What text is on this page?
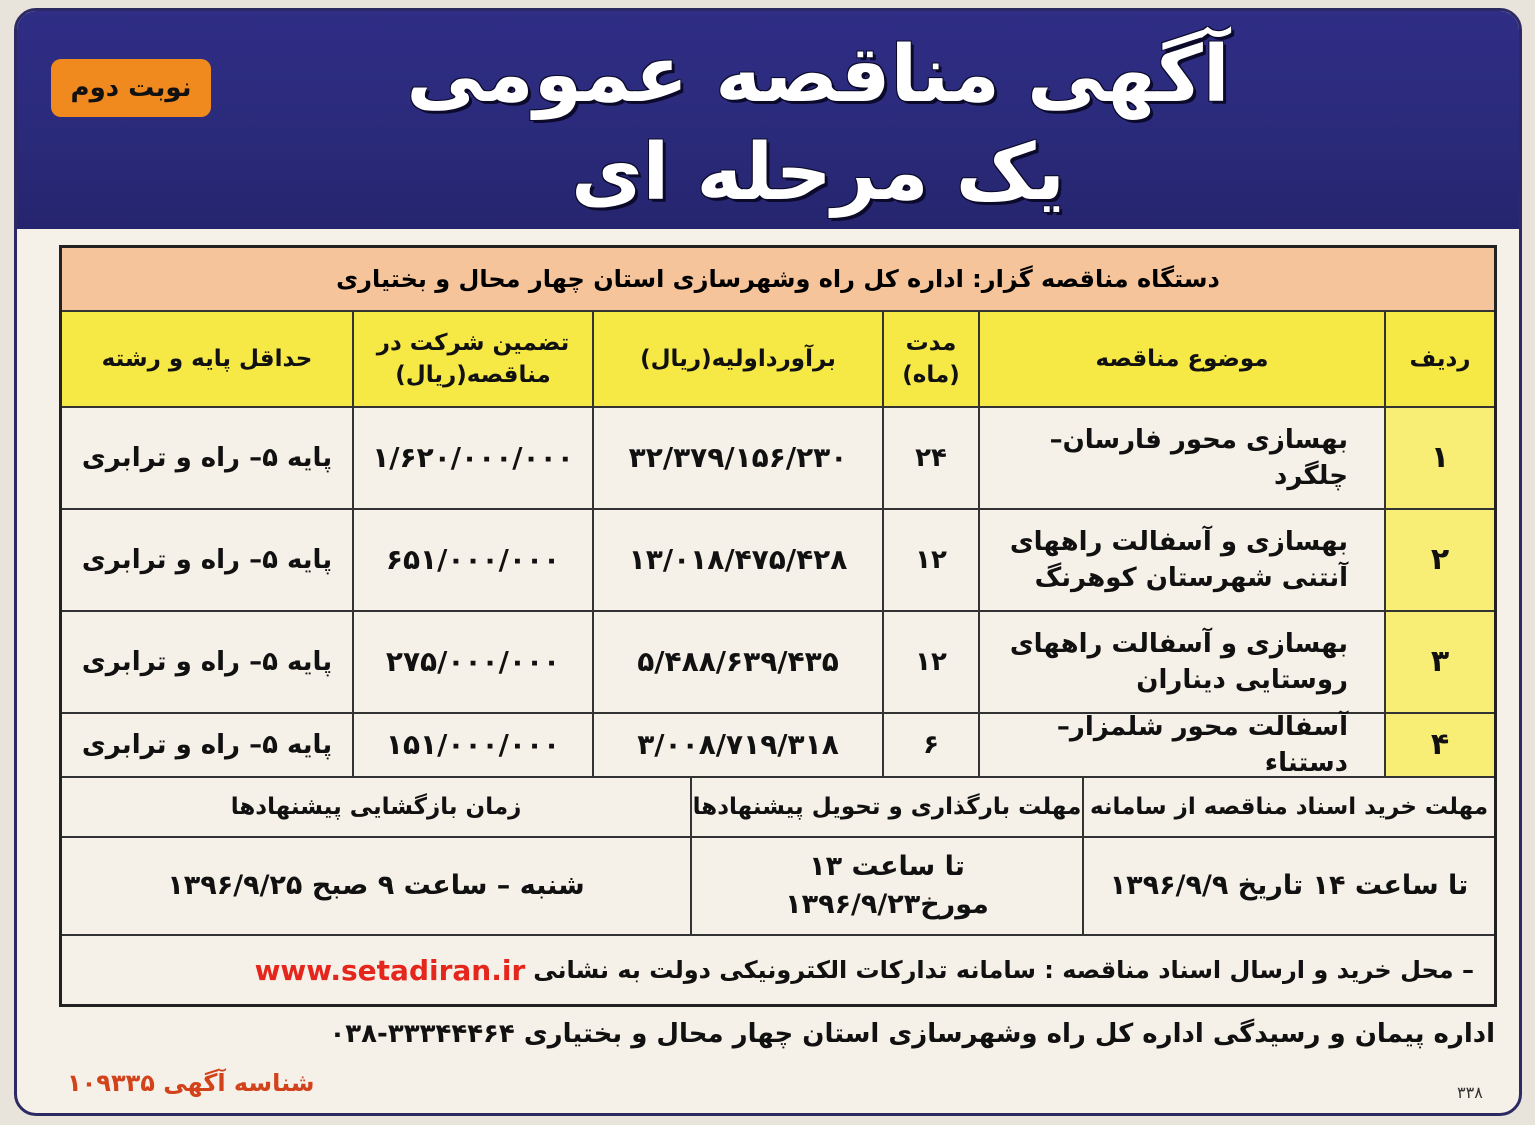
آگهی مناقصه عمومی
یک مرحله ای
نوبت دوم
دستگاه مناقصه گزار: اداره کل راه وشهرسازی استان چهار محال و بختیاری
ردیف
موضوع مناقصه
مدت (ماه)
برآورداولیه(ریال)
تضمین شرکت در مناقصه(ریال)
حداقل پایه و رشته
۱
بهسازی محور فارسان– چلگرد
۲۴
۳۲/۳۷۹/۱۵۶/۲۳۰
۱/۶۲۰/۰۰۰/۰۰۰
پایه ۵– راه و ترابری
۲
بهسازی و آسفالت راههای آنتنی شهرستان کوهرنگ
۱۲
۱۳/۰۱۸/۴۷۵/۴۲۸
۶۵۱/۰۰۰/۰۰۰
پایه ۵– راه و ترابری
۳
بهسازی و آسفالت راههای روستایی دیناران
۱۲
۵/۴۸۸/۶۳۹/۴۳۵
۲۷۵/۰۰۰/۰۰۰
پایه ۵– راه و ترابری
۴
آسفالت محور شلمزار– دستناء
۶
۳/۰۰۸/۷۱۹/۳۱۸
۱۵۱/۰۰۰/۰۰۰
پایه ۵– راه و ترابری
مهلت خرید اسناد مناقصه از سامانه
مهلت بارگذاری و تحویل پیشنهادها
زمان بازگشایی پیشنهادها
تا ساعت ۱۴ تاریخ ۱۳۹۶/۹/۹
تا ساعت ۱۳
مورخ۱۳۹۶/۹/۲۳
شنبه – ساعت ۹ صبح ۱۳۹۶/۹/۲۵
– محل خرید و ارسال اسناد مناقصه : سامانه تدارکات الکترونیکی دولت به نشانی
www.setadiran.ir
اداره پیمان و رسیدگی اداره کل راه وشهرسازی استان چهار محال و بختیاری ۳۳۳۴۴۴۶۴-۰۳۸
شناسه آگهی ۱۰۹۳۳۵	۳۳۸
